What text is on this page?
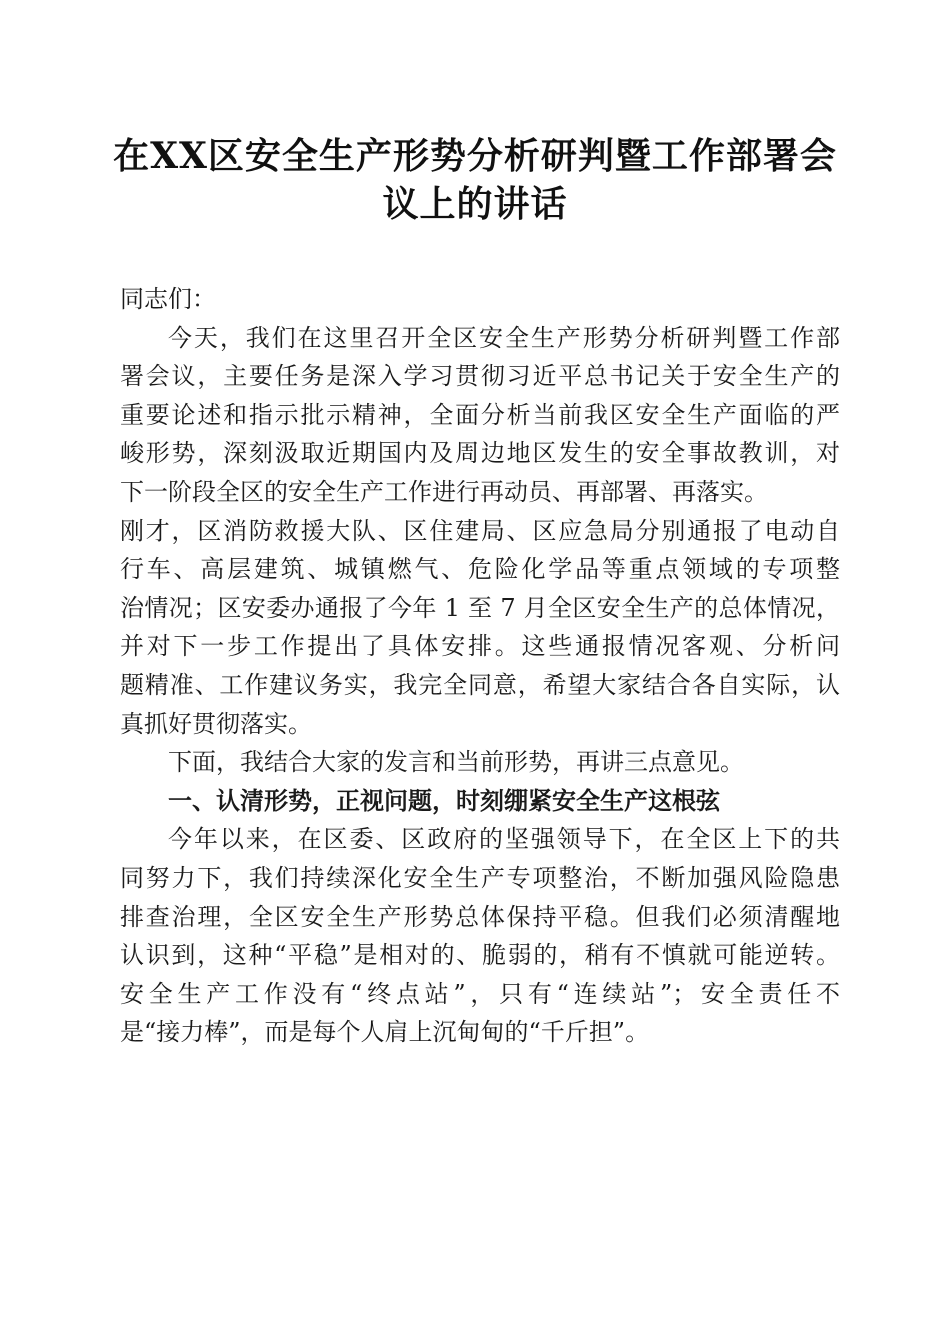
在XX区安全生产形势分析研判暨工作部署会
议上的讲话
同志们：
今天，我们在这里召开全区安全生产形势分析研判暨工作部
署会议，主要任务是深入学习贯彻习近平总书记关于安全生产的
重要论述和指示批示精神，全面分析当前我区安全生产面临的严
峻形势，深刻汲取近期国内及周边地区发生的安全事故教训，对
下一阶段全区的安全生产工作进行再动员、再部署、再落实。
刚才，区消防救援大队、区住建局、区应急局分别通报了电动自
行车、高层建筑、城镇燃气、危险化学品等重点领域的专项整
治情况；区安委办通报了今年 1 至 7 月全区安全生产的总体情况，
并对下一步工作提出了具体安排。这些通报情况客观、分析问
题精准、工作建议务实，我完全同意，希望大家结合各自实际，认
真抓好贯彻落实。
下面，我结合大家的发言和当前形势，再讲三点意见。
一、认清形势，正视问题，时刻绷紧安全生产这根弦
今年以来，在区委、区政府的坚强领导下，在全区上下的共
同努力下，我们持续深化安全生产专项整治，不断加强风险隐患
排查治理，全区安全生产形势总体保持平稳。但我们必须清醒地
认识到，这种“平稳”是相对的、脆弱的，稍有不慎就可能逆转。
安全生产工作没有“终点站”，只有“连续站”；安全责任不
是“接力棒”，而是每个人肩上沉甸甸的“千斤担”。
